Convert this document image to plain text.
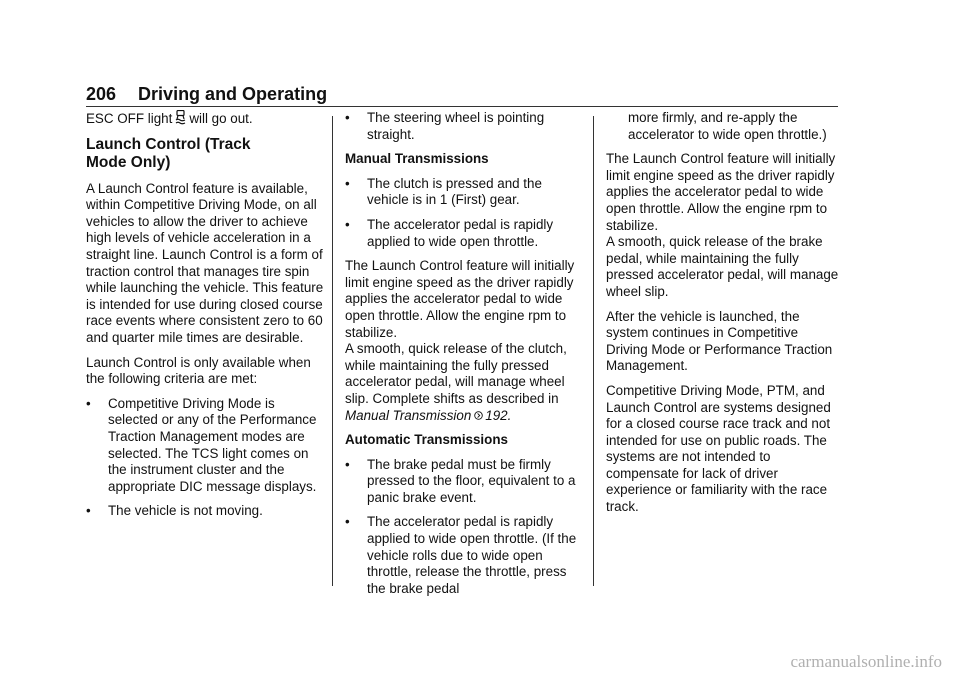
206 Driving and Operating

ESC OFF light will go out.

Launch Control (Track
Mode Only)

A Launch Control feature is available, within Competitive Driving Mode, on all vehicles to allow the driver to achieve high levels of vehicle acceleration in a straight line. Launch Control is a form of traction control that manages tire spin while launching the vehicle. This feature is intended for use during closed course race events where consistent zero to 60 and quarter mile times are desirable.

Launch Control is only available when the following criteria are met:

• Competitive Driving Mode is selected or any of the Performance Traction Management modes are selected. The TCS light comes on the instrument cluster and the appropriate DIC message displays.
• The vehicle is not moving.
• The steering wheel is pointing straight.
Manual Transmissions
• The clutch is pressed and the vehicle is in 1 (First) gear.
• The accelerator pedal is rapidly applied to wide open throttle.

The Launch Control feature will initially limit engine speed as the driver rapidly applies the accelerator pedal to wide open throttle. Allow the engine rpm to stabilize.

A smooth, quick release of the clutch, while maintaining the fully pressed accelerator pedal, will manage wheel slip. Complete shifts as described in Manual Transmission 192.

Automatic Transmissions
• The brake pedal must be firmly pressed to the floor, equivalent to a panic brake event.
• The accelerator pedal is rapidly applied to wide open throttle. (If the vehicle rolls due to wide open throttle, release the throttle, press the brake pedal

more firmly, and re-apply the accelerator to wide open throttle.)

The Launch Control feature will initially limit engine speed as the driver rapidly applies the accelerator pedal to wide open throttle. Allow the engine rpm to stabilize.

A smooth, quick release of the brake pedal, while maintaining the fully pressed accelerator pedal, will manage wheel slip.

After the vehicle is launched, the system continues in Competitive Driving Mode or Performance Traction Management.

Competitive Driving Mode, PTM, and Launch Control are systems designed for a closed course race track and not intended for use on public roads. The systems are not intended to compensate for lack of driver experience or familiarity with the race track.

carmanualsonline.info
